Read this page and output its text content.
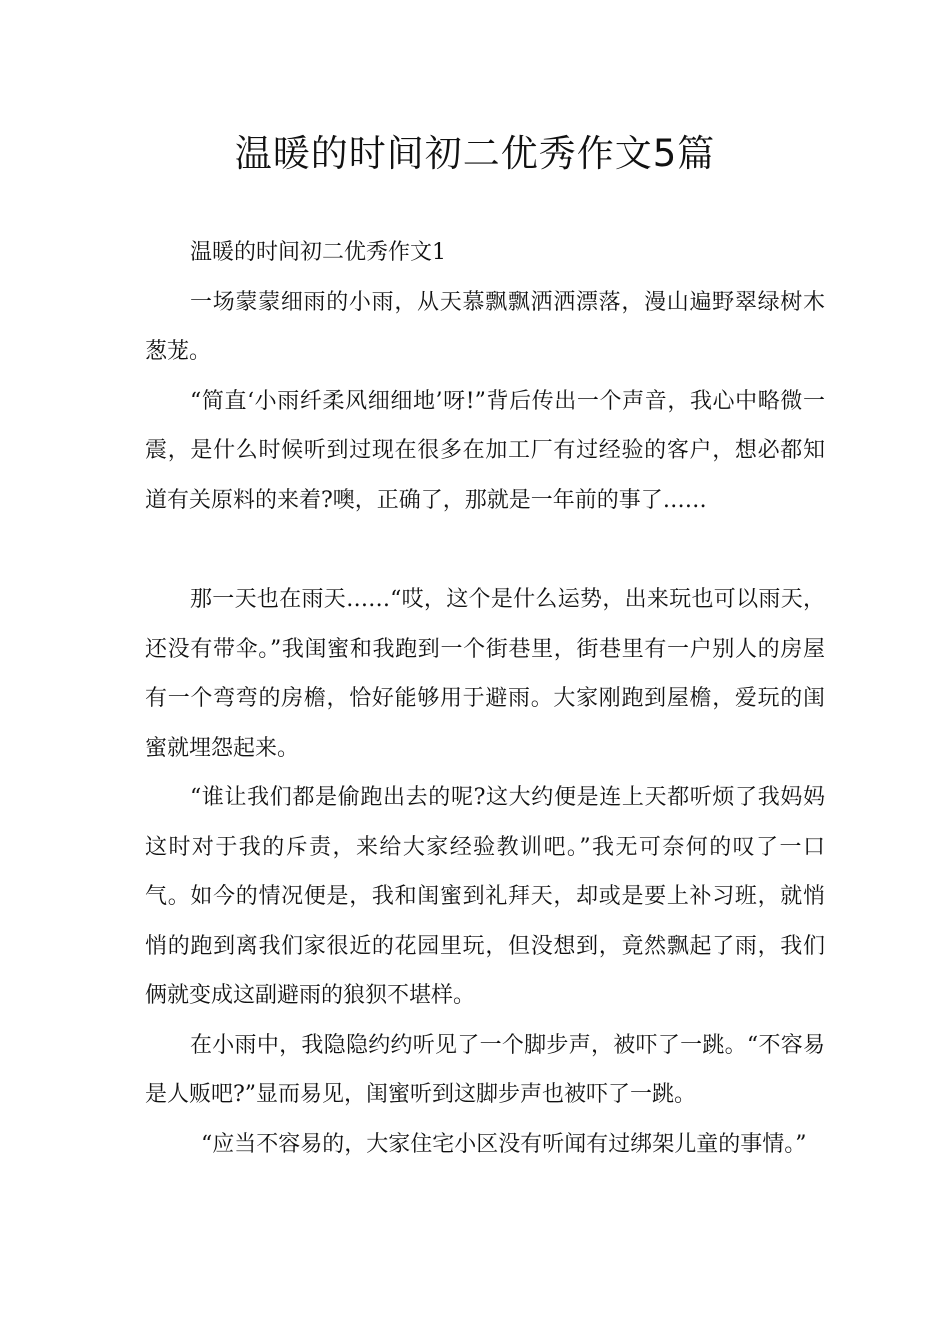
温暖的时间初二优秀作文5篇

温暖的时间初二优秀作文1

一场蒙蒙细雨的小雨，从天慕飘飘洒洒漂落，漫山遍野翠绿树木葱茏。

“简直‘小雨纤柔风细细地’呀!”背后传出一个声音，我心中略微一震，是什么时候听到过现在很多在加工厂有过经验的客户，想必都知道有关原料的来着?噢，正确了，那就是一年前的事了……

那一天也在雨天……“哎，这个是什么运势，出来玩也可以雨天，还没有带伞。”我闺蜜和我跑到一个街巷里，街巷里有一户别人的房屋有一个弯弯的房檐，恰好能够用于避雨。大家刚跑到屋檐，爱玩的闺蜜就埋怨起来。

“谁让我们都是偷跑出去的呢?这大约便是连上天都听烦了我妈妈这时对于我的斥责，来给大家经验教训吧。”我无可奈何的叹了一口气。如今的情况便是，我和闺蜜到礼拜天，却或是要上补习班，就悄悄的跑到离我们家很近的花园里玩，但没想到，竟然飘起了雨，我们俩就变成这副避雨的狼狈不堪样。

在小雨中，我隐隐约约听见了一个脚步声，被吓了一跳。“不容易是人贩吧?”显而易见，闺蜜听到这脚步声也被吓了一跳。

“应当不容易的，大家住宅小区没有听闻有过绑架儿童的事情。”
